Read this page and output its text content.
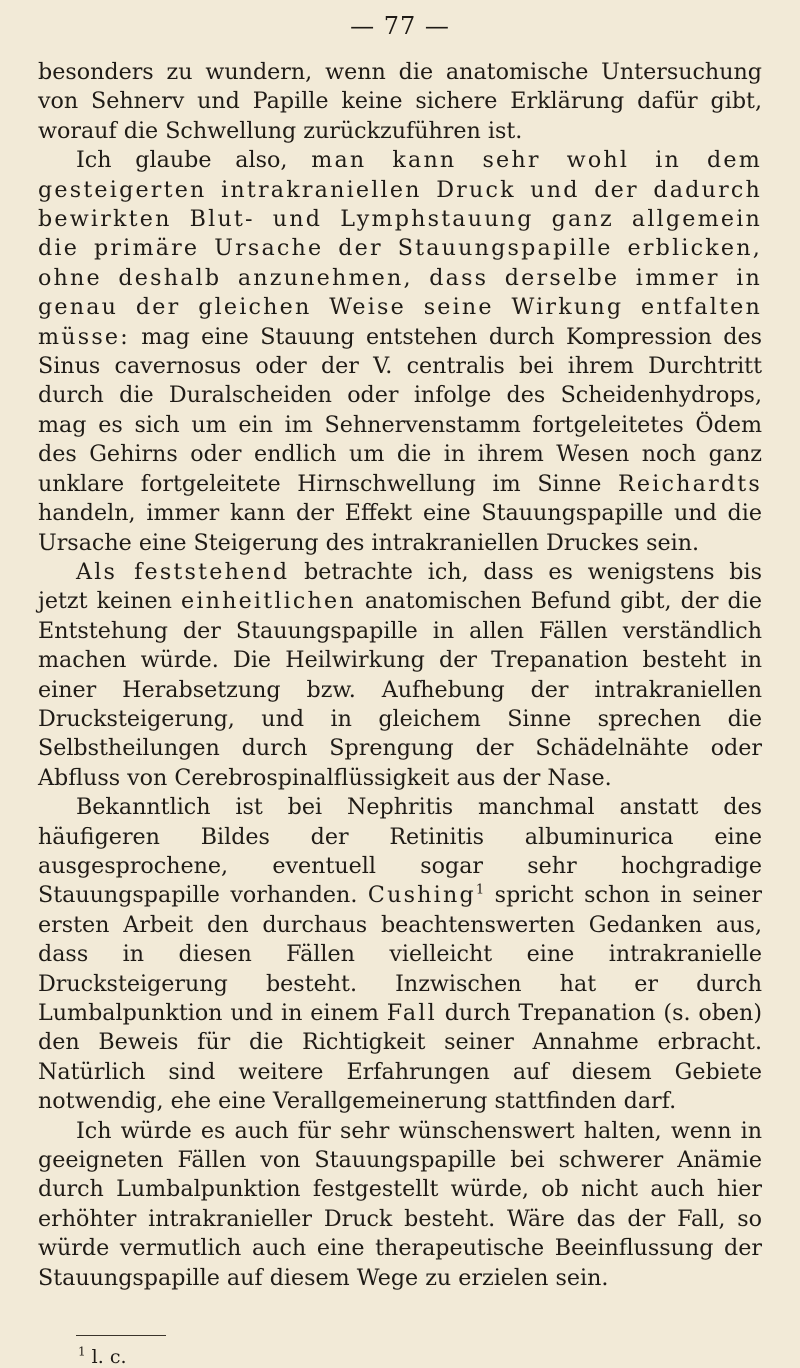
— 77 —

besonders zu wundern, wenn die anatomische Untersuchung von Sehnerv und Papille keine sichere Erklärung dafür gibt, worauf die Schwellung zurückzuführen ist.

Ich glaube also, man kann sehr wohl in dem gesteigerten intrakraniellen Druck und der dadurch bewirkten Blut- und Lymphstauung ganz allgemein die primäre Ursache der Stauungspapille erblicken, ohne deshalb anzunehmen, dass derselbe immer in genau der gleichen Weise seine Wirkung entfalten müsse: mag eine Stauung entstehen durch Kompression des Sinus cavernosus oder der V. centralis bei ihrem Durchtritt durch die Duralscheiden oder infolge des Scheidenhydrops, mag es sich um ein im Sehnervenstamm fortgeleitetes Ödem des Gehirns oder endlich um die in ihrem Wesen noch ganz unklare fortgeleitete Hirnschwellung im Sinne Reichardts handeln, immer kann der Effekt eine Stauungspapille und die Ursache eine Steigerung des intrakraniellen Druckes sein.

Als feststehend betrachte ich, dass es wenigstens bis jetzt keinen einheitlichen anatomischen Befund gibt, der die Entstehung der Stauungspapille in allen Fällen verständlich machen würde. Die Heilwirkung der Trepanation besteht in einer Herabsetzung bzw. Aufhebung der intrakraniellen Drucksteigerung, und in gleichem Sinne sprechen die Selbstheilungen durch Sprengung der Schädelnähte oder Abfluss von Cerebrospinalflüssigkeit aus der Nase.

Bekanntlich ist bei Nephritis manchmal anstatt des häufigeren Bildes der Retinitis albuminurica eine ausgesprochene, eventuell sogar sehr hochgradige Stauungspapille vorhanden. Cushing$^1$ spricht schon in seiner ersten Arbeit den durchaus beachtenswerten Gedanken aus, dass in diesen Fällen vielleicht eine intrakranielle Drucksteigerung besteht. Inzwischen hat er durch Lumbalpunktion und in einem Fall durch Trepanation (s. oben) den Beweis für die Richtigkeit seiner Annahme erbracht. Natürlich sind weitere Erfahrungen auf diesem Gebiete notwendig, ehe eine Verallgemeinerung stattfinden darf.

Ich würde es auch für sehr wünschenswert halten, wenn in geeigneten Fällen von Stauungspapille bei schwerer Anämie durch Lumbalpunktion festgestellt würde, ob nicht auch hier erhöhter intrakranieller Druck besteht. Wäre das der Fall, so würde vermutlich auch eine therapeutische Beeinflussung der Stauungspapille auf diesem Wege zu erzielen sein.

$^1$ l. c.
